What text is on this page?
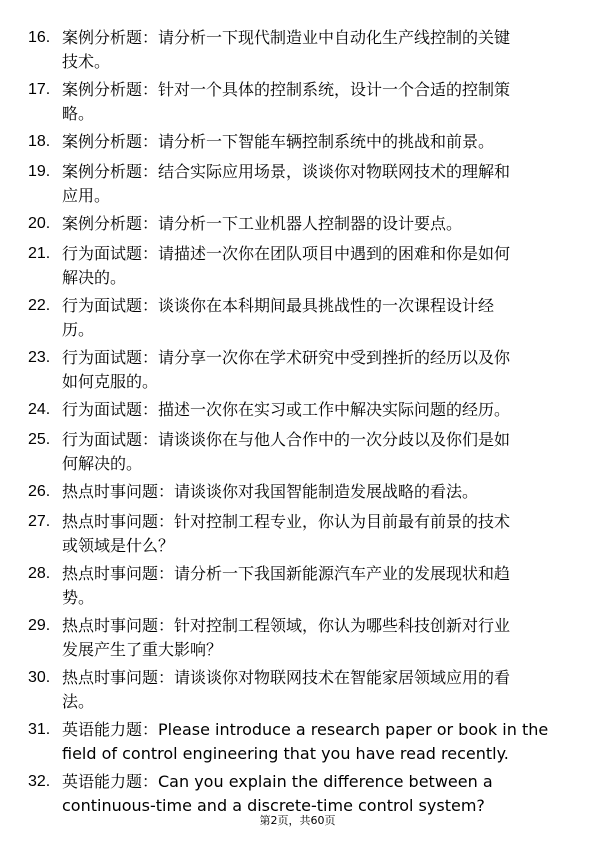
16. 案例分析题：请分析一下现代制造业中自动化生产线控制的关键
技术。
17. 案例分析题：针对一个具体的控制系统，设计一个合适的控制策
略。
18. 案例分析题：请分析一下智能车辆控制系统中的挑战和前景。
19. 案例分析题：结合实际应用场景，谈谈你对物联网技术的理解和
应用。
20. 案例分析题：请分析一下工业机器人控制器的设计要点。
21. 行为面试题：请描述一次你在团队项目中遇到的困难和你是如何
解决的。
22. 行为面试题：谈谈你在本科期间最具挑战性的一次课程设计经
历。
23. 行为面试题：请分享一次你在学术研究中受到挫折的经历以及你
如何克服的。
24. 行为面试题：描述一次你在实习或工作中解决实际问题的经历。
25. 行为面试题：请谈谈你在与他人合作中的一次分歧以及你们是如
何解决的。
26. 热点时事问题：请谈谈你对我国智能制造发展战略的看法。
27. 热点时事问题：针对控制工程专业，你认为目前最有前景的技术
或领域是什么？
28. 热点时事问题：请分析一下我国新能源汽车产业的发展现状和趋
势。
29. 热点时事问题：针对控制工程领域，你认为哪些科技创新对行业
发展产生了重大影响？
30. 热点时事问题：请谈谈你对物联网技术在智能家居领域应用的看
法。
31. 英语能力题：Please introduce a research paper or book in the
field of control engineering that you have read recently.
32. 英语能力题：Can you explain the difference between a
continuous-time and a discrete-time control system?
第2页，共60页
